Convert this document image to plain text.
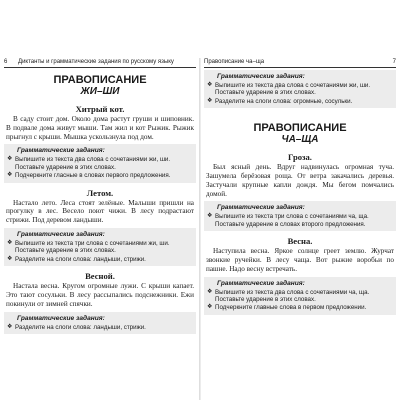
6 Диктанты и грамматические задания по русскому языку
ПРАВОПИСАНИЕ
ЖИ–ШИ
Хитрый кот.
В саду стоит дом. Около дома растут груши и шиповник. В подвале дома живут мыши. Там жил и кот Рыжик. Рыжик прыгнул с крыши. Мышка ускользнула под дом.
Грамматические задания:
❖ Выпишите из текста два слова с сочетаниями жи, ши. Поставьте ударение в этих словах.
❖ Подчеркните гласные в словах первого предложения.
Летом.
Настало лето. Леса стоят зелёные. Малыши пришли на прогулку в лес. Весело поют чижи. В лесу подрастают стрижи. Под деревом ландыши.
Грамматические задания:
❖ Выпишите из текста три слова с сочетаниями жи, ши. Поставьте ударение в этих словах.
❖ Разделите на слоги слова: ландыши, стрижи.
Весной.
Настала весна. Кругом огромные лужи. С крыши капает. Это тают сосульки. В лесу рассыпались подснежники. Ежи покинули от зимней спячки.
Грамматические задания:
❖ Разделите на слоги слова: ландыши, стрижи.
Правописание ча–ща	7
Грамматические задания:
❖ Выпишите из текста два слова с сочетаниями жи, ши. Поставьте ударение в этих словах.
❖ Разделите на слоги слова: огромные, сосульки.
ПРАВОПИСАНИЕ
ЧА–ЩА
Гроза.
Был ясный день. Вдруг надвинулась огромная туча. Зашумела берёзовая роща. От ветра закачались деревья. Застучали крупные капли дождя. Мы бегом помчались домой.
Грамматические задания:
❖ Выпишите из текста три слова с сочетаниями ча, ща. Поставьте ударение в словах второго предложения.
Весна.
Наступила весна. Яркое солнце греет землю. Журчат звонкие ручейки. В лесу чаща. Вот рыжие воробьи по пашне. Надо весну встречать.
Грамматические задания:
❖ Выпишите из текста два слова с сочетаниями ча, ща. Поставьте ударение в этих словах.
❖ Подчеркните главные слова в первом предложении.
